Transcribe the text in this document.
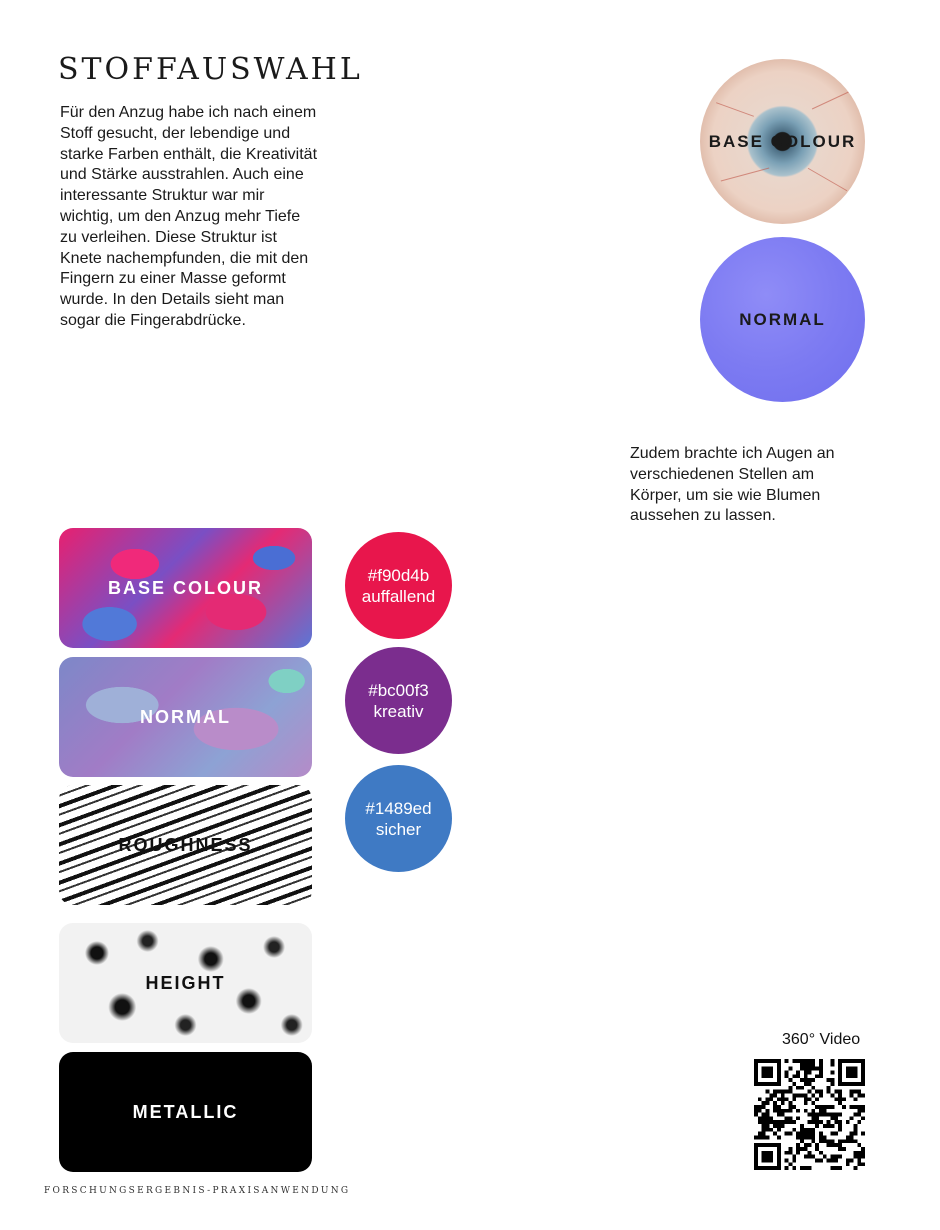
STOFFAUSWAHL

Für den Anzug habe ich nach einem Stoff gesucht, der lebendige und starke Farben enthält, die Kreativität und Stärke ausstrahlen. Auch eine interessante Struktur war mir wichtig, um den Anzug mehr Tiefe zu verleihen. Diese Struktur ist Knete nachempfunden, die mit den Fingern zu einer Masse geformt wurde. In den Details sieht man sogar die Fingerabdrücke.

BASE COLOUR
NORMAL

Zudem brachte ich Augen an verschiedenen Stellen am Körper, um sie wie Blumen aussehen zu lassen.

BASE COLOUR
NORMAL
ROUGHNESS
HEIGHT
METALLIC
#f90d4b
auffallend
#bc00f3
kreativ
#1489ed
sicher

360° Video

FORSCHUNGSERGEBNIS-PRAXISANWENDUNG
